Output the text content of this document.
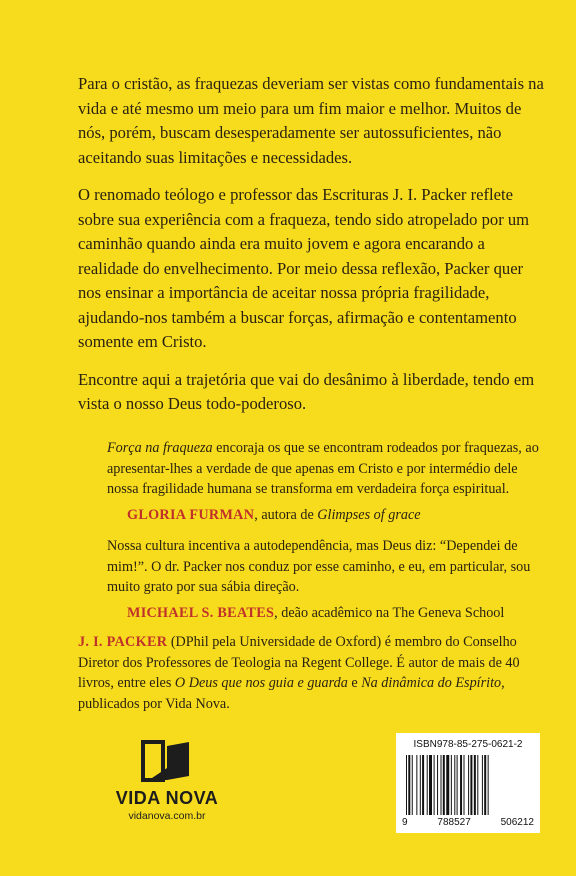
Para o cristão, as fraquezas deveriam ser vistas como fundamentais na vida e até mesmo um meio para um fim maior e melhor. Muitos de nós, porém, buscam desesperadamente ser autossuficientes, não aceitando suas limitações e necessidades.

O renomado teólogo e professor das Escrituras J. I. Packer reflete sobre sua experiência com a fraqueza, tendo sido atropelado por um caminhão quando ainda era muito jovem e agora encarando a realidade do envelhecimento. Por meio dessa reflexão, Packer quer nos ensinar a importância de aceitar nossa própria fragilidade, ajudando-nos também a buscar forças, afirmação e contentamento somente em Cristo.

Encontre aqui a trajetória que vai do desânimo à liberdade, tendo em vista o nosso Deus todo-poderoso.

Força na fraqueza encoraja os que se encontram rodeados por fraquezas, ao apresentar-lhes a verdade de que apenas em Cristo e por intermédio dele nossa fragilidade humana se transforma em verdadeira força espiritual.

GLORIA FURMAN, autora de Glimpses of grace

Nossa cultura incentiva a autodependência, mas Deus diz: “Dependei de mim!”. O dr. Packer nos conduz por esse caminho, e eu, em particular, sou muito grato por sua sábia direção.

MICHAEL S. BEATES, deão acadêmico na The Geneva School

J. I. PACKER (DPhil pela Universidade de Oxford) é membro do Conselho Diretor dos Professores de Teologia na Regent College. É autor de mais de 40 livros, entre eles O Deus que nos guia e guarda e Na dinâmica do Espírito, publicados por Vida Nova.

VIDA NOVA
vidanova.com.br
ISBN978-85-275-0621-2
9	788527	506212
